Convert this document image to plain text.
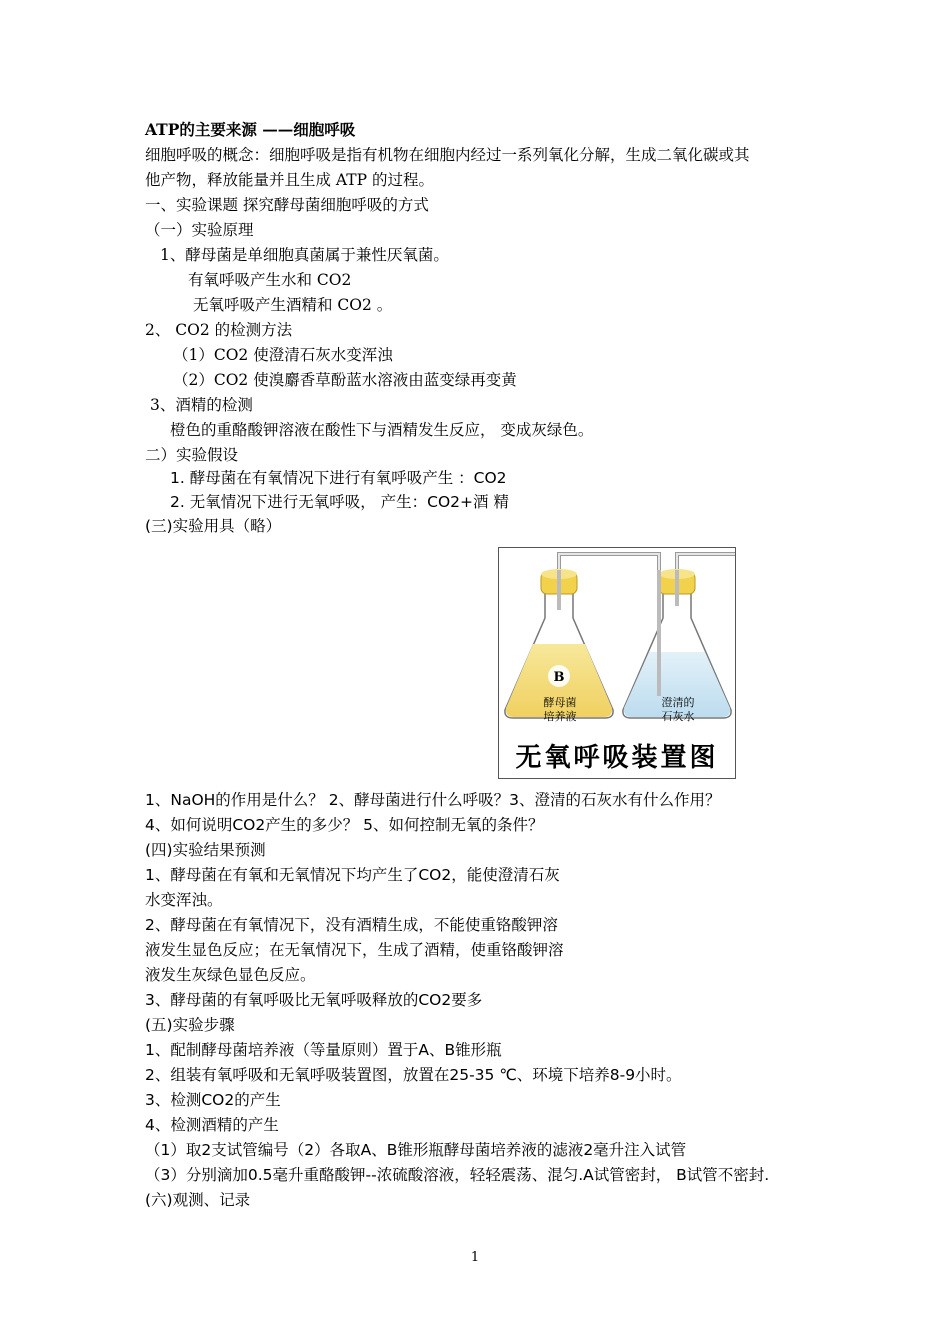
ATP的主要来源 ——细胞呼吸
细胞呼吸的概念：细胞呼吸是指有机物在细胞内经过一系列氧化分解，生成二氧化碳或其
他产物，释放能量并且生成 ATP 的过程。
一、实验课题 探究酵母菌细胞呼吸的方式
（一）实验原理
1、酵母菌是单细胞真菌属于兼性厌氧菌。
有氧呼吸产生水和 CO2
无氧呼吸产生酒精和 CO2 。
2、 CO2 的检测方法
（1）CO2 使澄清石灰水变浑浊
（2）CO2 使溴麝香草酚蓝水溶液由蓝变绿再变黄
3、酒精的检测
橙色的重酪酸钾溶液在酸性下与酒精发生反应， 变成灰绿色。
二）实验假设
1. 酵母菌在有氧情况下进行有氧呼吸产生 ：CO2
2. 无氧情况下进行无氧呼吸， 产生：CO2+酒 精
(三)实验用具（略）
B
酵母菌
培养液
澄清的
石灰水
无氧呼吸装置图
1、NaOH的作用是什么？ 2、酵母菌进行什么呼吸？3、澄清的石灰水有什么作用？
4、如何说明CO2产生的多少？ 5、如何控制无氧的条件？
(四)实验结果预测
1、酵母菌在有氧和无氧情况下均产生了CO2，能使澄清石灰
水变浑浊。
2、酵母菌在有氧情况下，没有酒精生成，不能使重铬酸钾溶
液发生显色反应；在无氧情况下，生成了酒精，使重铬酸钾溶
液发生灰绿色显色反应。
3、酵母菌的有氧呼吸比无氧呼吸释放的CO2要多
(五)实验步骤
1、配制酵母菌培养液（等量原则）置于A、B锥形瓶
2、组装有氧呼吸和无氧呼吸装置图，放置在25-35 ℃、环境下培养8-9小时。
3、检测CO2的产生
4、检测酒精的产生
（1）取2支试管编号（2）各取A、B锥形瓶酵母菌培养液的滤液2毫升注入试管
（3）分别滴加0.5毫升重酪酸钾--浓硫酸溶液，轻轻震荡、混匀.A试管密封， B试管不密封.
(六)观测、记录
1
